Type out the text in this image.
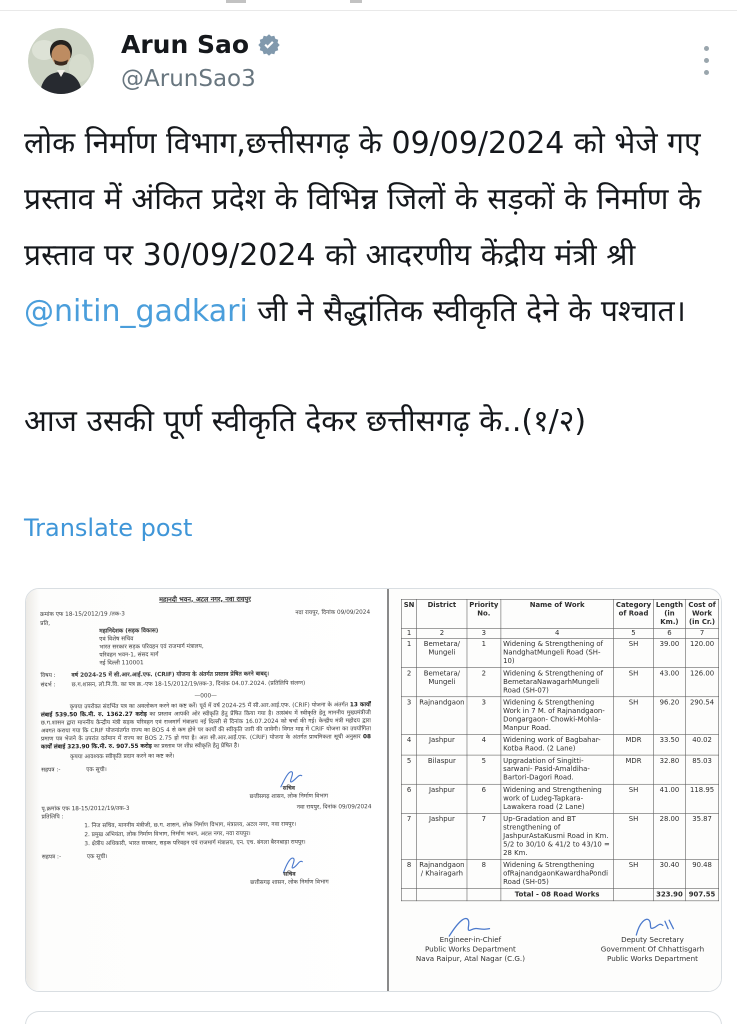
Arun Sao
@ArunSao3
लोक निर्माण विभाग,छत्तीसगढ़ के 09/09/2024 को भेजे गए प्रस्ताव में अंकित प्रदेश के विभिन्न जिलों के सड़कों के निर्माण के प्रस्ताव पर 30/09/2024 को आदरणीय केंद्रीय मंत्री श्री @nitin_gadkari जी ने सैद्धांतिक स्वीकृति देने के पश्चात।
आज उसकी पूर्ण स्वीकृति देकर छत्तीसगढ़ के..(१/२)
Translate post
महानदी भवन, अटल नगर, नवा रायपुर
क्रमांक एफ 18-15/2012/19 /तक-3	नवा रायपुर, दिनांक 09/09/2024
प्रति,
महानिदेशक (सड़क विकास)
एवं विशेष सचिव
भारत सरकार सड़क परिवहन एवं राजमार्ग मंत्रालय,
परिवहन भवन-1, संसद मार्ग
नई दिल्ली 110001
विषय :	वर्ष 2024-25 में सी.आर.आई.एफ. (CRIF) योजना के अंतर्गत प्रस्ताव प्रेषित करने बाबद्।
संदर्भ :	छ.ग.शासन, लो.नि.वि. का पत्र क्र.-एफ 18-15/2012/19/तक-3, दिनांक 04.07.2024. (प्रतिलिपि संलग्न)
—000—
कृपया उपरोक्त संदर्भित पत्र का अवलोकन करने का कष्ट करें। पूर्व में वर्ष 2024-25 में सी.आर.आई.एफ. (CRIF) योजना के अंतर्गत 13 कार्यों लंबाई 539.50 कि.मी. रु. 1362.27 करोड़ का प्रस्ताव आपकी ओर स्वीकृति हेतु प्रेषित किया गया है। तत्संबंध में स्वीकृति हेतु माननीय मुख्यमंत्रीजी छ.ग.शासन द्वारा माननीय केन्द्रीय मंत्री सड़क परिवहन एवं राजमार्ग मंत्रालय नई दिल्ली से दिनांक 16.07.2024 को चर्चा की गई। केन्द्रीय मंत्री महोदय द्वारा अवगत कराया गया कि CRIF योजनांतर्गत राज्य का BOS 4 से कम होने पर कार्यों की स्वीकृति जारी की जावेगी। विगत माह में CRIF योजना का उपयोगिता प्रमाण पत्र भेजने के उपरांत वर्तमान में राज्य का BOS 2.75 हो गया है। अतः सी.आर.आई.एफ. (CRIF) योजना के अंतर्गत प्राथमिकता सूची अनुसार 08 कार्यों लंबाई 323.90 कि.मी. रु. 907.55 करोड़ का प्रस्ताव पर शीघ्र स्वीकृति हेतु प्रेषित है।
कृपया आवश्यक स्वीकृति प्रदान करने का कष्ट करें।
सहपत्र :-	एक सूची।
सचिव
छत्तीसगढ़ शासन, लोक निर्माण विभाग
पृ.क्रमांक एफ 18-15/2012/19/तक-3	नवा रायपुर, दिनांक 09/09/2024
प्रतिलिपि :
1. निज सचिव, माननीय मंत्रीजी, छ.ग. शासन, लोक निर्माण विभाग, मंत्रालय, अटल नगर, नवा रायपुर।
2. प्रमुख अभियंता, लोक निर्माण विभाग, निर्माण भवन, अटल नगर, नवा रायपुर।
3. क्षेत्रीय अधिकारी, भारत सरकार, सड़क परिवहन एवं राजमार्ग मंत्रालय, एन. एच. बंगला बैरनबाड़ा रायपुर।
सहपत्र :-	एक सूची।
सचिव
छत्तीसगढ़ शासन, लोक निर्माण विभाग
SN	District	Priority No.	Name of Work	Category of Road	Length (in Km.)	Cost of Work (in Cr.)
1	2	3	4	5	6	7
1	Bemetara/ Mungeli	1	Widening & Strengthening of NandghatMungeli Road (SH-10)	SH	39.00	120.00
2	Bemetara/ Mungeli	2	Widening & Strengthening of BemetaraNawagarhMungeli Road (SH-07)	SH	43.00	126.00
3	Rajnandgaon	3	Widening & Strengthening Work in 7 M. of Rajnandgaon- Dongargaon- Chowki-Mohla- Manpur Road.	SH	96.20	290.54
4	Jashpur	4	Widening work of Bagbahar- Kotba Raod. (2 Lane)	MDR	33.50	40.02
5	Bilaspur	5	Upgradation of Singitti-sarwani- Pasid-Amaldiha-Bartori-Dagori Road.	MDR	32.80	85.03
6	Jashpur	6	Widening and Strengthening work of Ludeg-Tapkara-Lawakera road (2 Lane)	SH	41.00	118.95
7	Jashpur	7	Up-Gradation and BT strengthening of JashpurAstaKusmi Road in Km. 5/2 to 30/10 & 41/2 to 43/10 = 28 Km.	SH	28.00	35.87
8	Rajnandgaon / Khairagarh	8	Widening & Strengthening ofRajnandgaonKawardhaPondi Road (SH-05)	SH	30.40	90.48
			Total - 08 Road Works		323.90	907.55
Engineer-in-Chief
Public Works Department
Nava Raipur, Atal Nagar (C.G.)
Deputy Secretary
Government Of Chhattisgarh
Public Works Department
